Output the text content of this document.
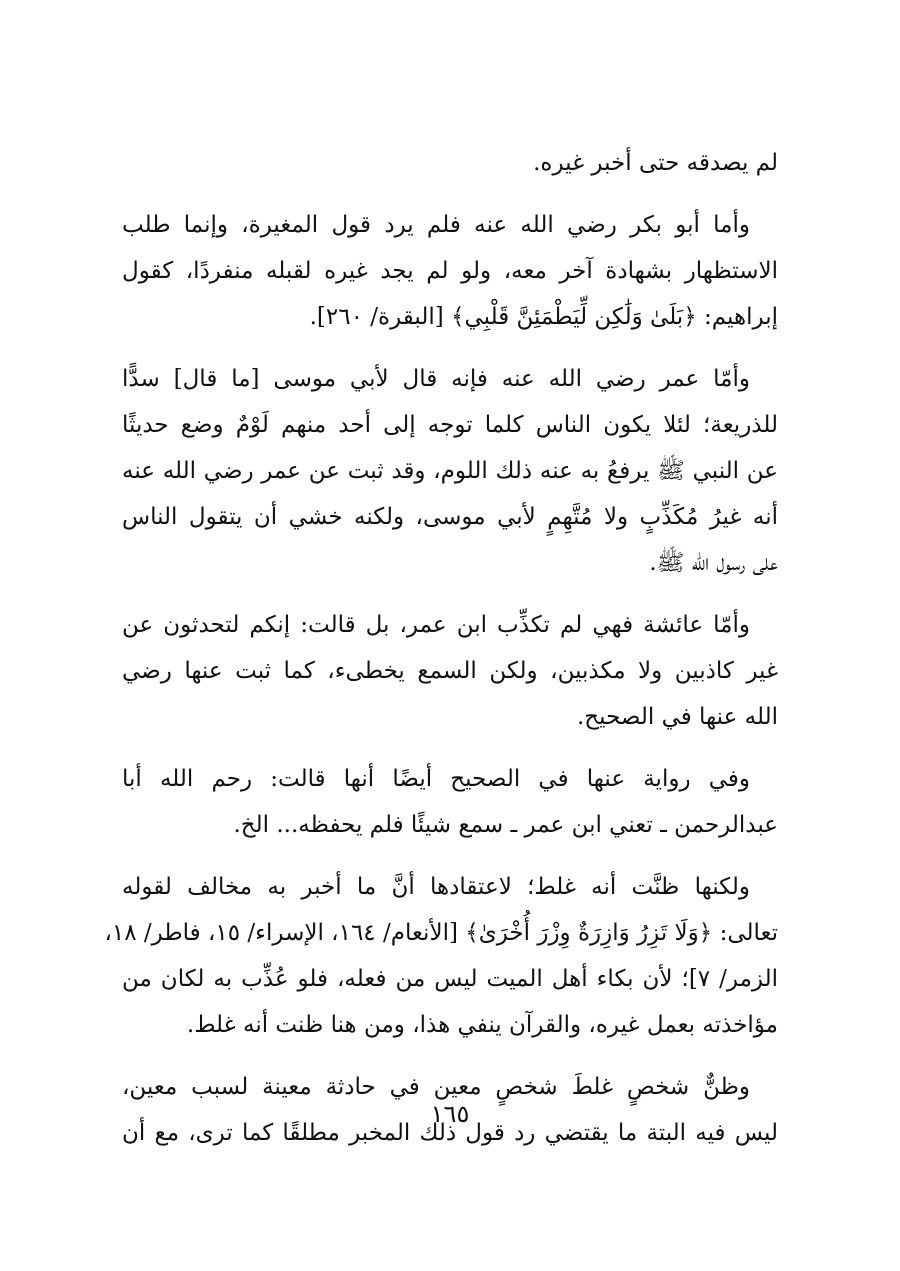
لم يصدقه حتى أخبر غيره.
وأما أبو بكر رضي الله عنه فلم يرد قول المغيرة، وإنما طلب
الاستظهار بشهادة آخر معه، ولو لم يجد غيره لقبله منفردًا، كقول
إبراهيم: ﴿بَلَىٰ وَلَٰكِن لِّيَطْمَئِنَّ قَلْبِي﴾ [البقرة/ ٢٦٠].
وأمّا عمر رضي الله عنه فإنه قال لأبي موسى [ما قال] سدًّا
للذريعة؛ لئلا يكون الناس كلما توجه إلى أحد منهم لَوْمٌ وضع حديثًا
عن النبي ﷺ يرفعُ به عنه ذلك اللوم، وقد ثبت عن عمر رضي الله عنه
أنه غيرُ مُكَذِّبٍ ولا مُتَّهِمٍ لأبي موسى، ولكنه خشي أن يتقول الناس
على رسول الله ﷺ.
وأمّا عائشة فهي لم تكذِّب ابن عمر، بل قالت: إنكم لتحدثون عن
غير كاذبين ولا مكذبين، ولكن السمع يخطىء، كما ثبت عنها رضي
الله عنها في الصحيح.
وفي رواية عنها في الصحيح أيضًا أنها قالت: رحم الله أبا
عبدالرحمن ـ تعني ابن عمر ـ سمع شيئًا فلم يحفظه... الخ.
ولكنها ظنَّت أنه غلط؛ لاعتقادها أنَّ ما أخبر به مخالف لقوله
تعالى: ﴿وَلَا تَزِرُ وَازِرَةٌ وِزْرَ أُخْرَىٰ﴾ [الأنعام/ ١٦٤، الإسراء/ ١٥، فاطر/ ١٨،
الزمر/ ٧]؛ لأن بكاء أهل الميت ليس من فعله، فلو عُذِّب به لكان من
مؤاخذته بعمل غيره، والقرآن ينفي هذا، ومن هنا ظنت أنه غلط.
وظنٌّ شخصٍ غلطَ شخصٍ معين في حادثة معينة لسبب معين،
ليس فيه البتة ما يقتضي رد قول ذلك المخبر مطلقًا كما ترى، مع أن
١٦٥
